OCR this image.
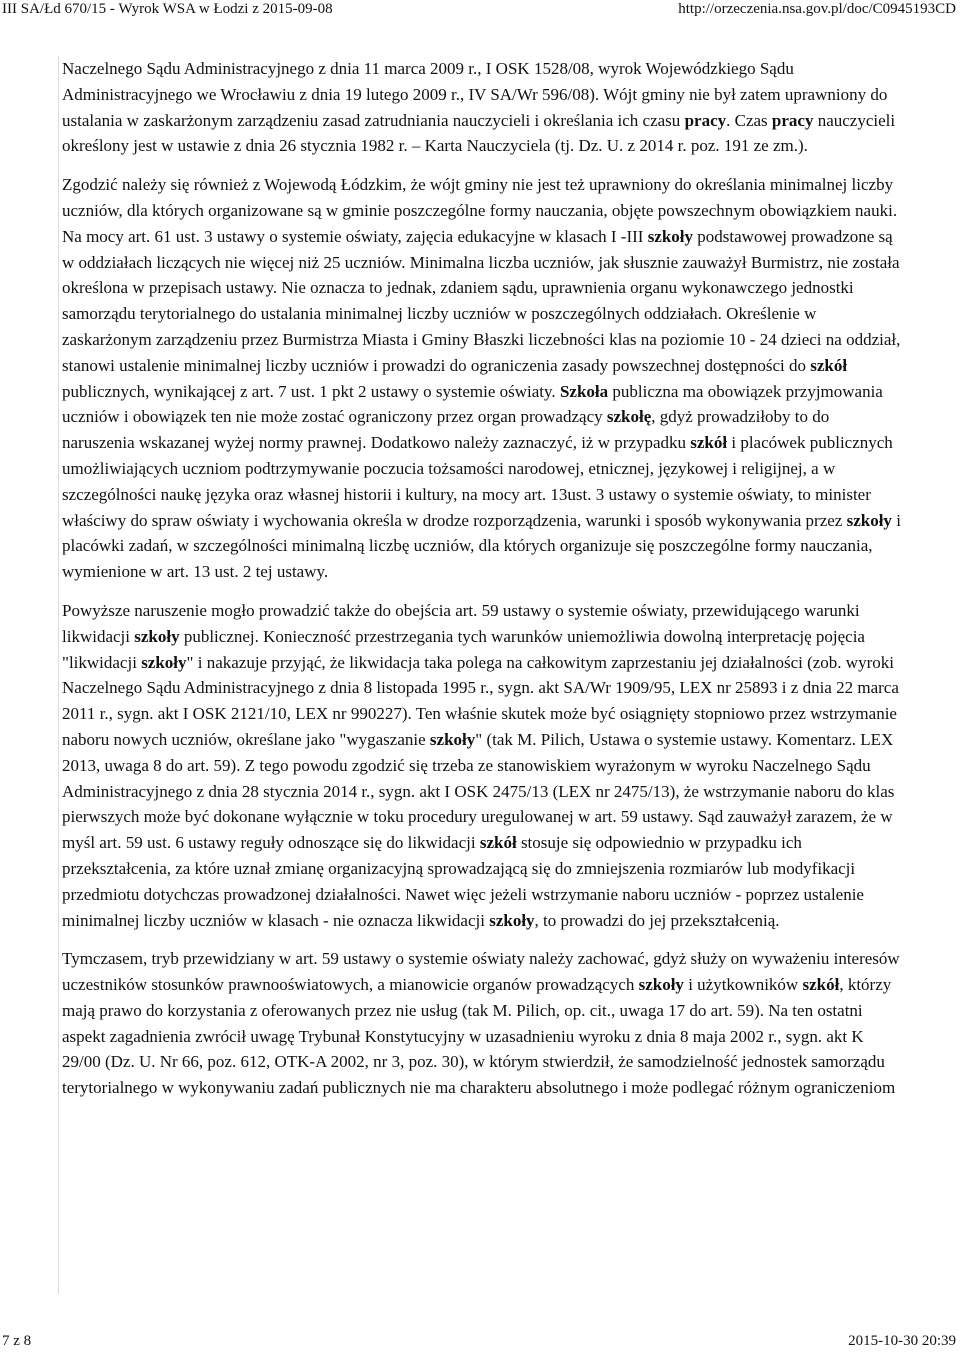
III SA/Łd 670/15 - Wyrok WSA w Łodzi z 2015-09-08	http://orzeczenia.nsa.gov.pl/doc/C0945193CD

Naczelnego Sądu Administracyjnego z dnia 11 marca 2009 r., I OSK 1528/08, wyrok Wojewódzkiego Sądu Administracyjnego we Wrocławiu z dnia 19 lutego 2009 r., IV SA/Wr 596/08). Wójt gminy nie był zatem uprawniony do ustalania w zaskarżonym zarządzeniu zasad zatrudniania nauczycieli i określania ich czasu pracy. Czas pracy nauczycieli określony jest w ustawie z dnia 26 stycznia 1982 r. – Karta Nauczyciela (tj. Dz. U. z 2014 r. poz. 191 ze zm.).

Zgodzić należy się również z Wojewodą Łódzkim, że wójt gminy nie jest też uprawniony do określania minimalnej liczby uczniów, dla których organizowane są w gminie poszczególne formy nauczania, objęte powszechnym obowiązkiem nauki. Na mocy art. 61 ust. 3 ustawy o systemie oświaty, zajęcia edukacyjne w klasach I -III szkoły podstawowej prowadzone są w oddziałach liczących nie więcej niż 25 uczniów. Minimalna liczba uczniów, jak słusznie zauważył Burmistrz, nie została określona w przepisach ustawy. Nie oznacza to jednak, zdaniem sądu, uprawnienia organu wykonawczego jednostki samorządu terytorialnego do ustalania minimalnej liczby uczniów w poszczególnych oddziałach. Określenie w zaskarżonym zarządzeniu przez Burmistrza Miasta i Gminy Błaszki liczebności klas na poziomie 10 - 24 dzieci na oddział, stanowi ustalenie minimalnej liczby uczniów i prowadzi do ograniczenia zasady powszechnej dostępności do szkół publicznych, wynikającej z art. 7 ust. 1 pkt 2 ustawy o systemie oświaty. Szkoła publiczna ma obowiązek przyjmowania uczniów i obowiązek ten nie może zostać ograniczony przez organ prowadzący szkołę, gdyż prowadziłoby to do naruszenia wskazanej wyżej normy prawnej. Dodatkowo należy zaznaczyć, iż w przypadku szkół i placówek publicznych umożliwiających uczniom podtrzymywanie poczucia tożsamości narodowej, etnicznej, językowej i religijnej, a w szczególności naukę języka oraz własnej historii i kultury, na mocy art. 13ust. 3 ustawy o systemie oświaty, to minister właściwy do spraw oświaty i wychowania określa w drodze rozporządzenia, warunki i sposób wykonywania przez szkoły i placówki zadań, w szczególności minimalną liczbę uczniów, dla których organizuje się poszczególne formy nauczania, wymienione w art. 13 ust. 2 tej ustawy.

Powyższe naruszenie mogło prowadzić także do obejścia art. 59 ustawy o systemie oświaty, przewidującego warunki likwidacji szkoły publicznej. Konieczność przestrzegania tych warunków uniemożliwia dowolną interpretację pojęcia "likwidacji szkoły" i nakazuje przyjąć, że likwidacja taka polega na całkowitym zaprzestaniu jej działalności (zob. wyroki Naczelnego Sądu Administracyjnego z dnia 8 listopada 1995 r., sygn. akt SA/Wr 1909/95, LEX nr 25893 i z dnia 22 marca 2011 r., sygn. akt I OSK 2121/10, LEX nr 990227). Ten właśnie skutek może być osiągnięty stopniowo przez wstrzymanie naboru nowych uczniów, określane jako "wygaszanie szkoły" (tak M. Pilich, Ustawa o systemie ustawy. Komentarz. LEX 2013, uwaga 8 do art. 59). Z tego powodu zgodzić się trzeba ze stanowiskiem wyrażonym w wyroku Naczelnego Sądu Administracyjnego z dnia 28 stycznia 2014 r., sygn. akt I OSK 2475/13 (LEX nr 2475/13), że wstrzymanie naboru do klas pierwszych może być dokonane wyłącznie w toku procedury uregulowanej w art. 59 ustawy. Sąd zauważył zarazem, że w myśl art. 59 ust. 6 ustawy reguły odnoszące się do likwidacji szkół stosuje się odpowiednio w przypadku ich przekształcenia, za które uznał zmianę organizacyjną sprowadzającą się do zmniejszenia rozmiarów lub modyfikacji przedmiotu dotychczas prowadzonej działalności. Nawet więc jeżeli wstrzymanie naboru uczniów - poprzez ustalenie minimalnej liczby uczniów w klasach - nie oznacza likwidacji szkoły, to prowadzi do jej przekształcenią.

Tymczasem, tryb przewidziany w art. 59 ustawy o systemie oświaty należy zachować, gdyż służy on wyważeniu interesów uczestników stosunków prawnooświatowych, a mianowicie organów prowadzących szkoły i użytkowników szkół, którzy mają prawo do korzystania z oferowanych przez nie usług (tak M. Pilich, op. cit., uwaga 17 do art. 59). Na ten ostatni aspekt zagadnienia zwrócił uwagę Trybunał Konstytucyjny w uzasadnieniu wyroku z dnia 8 maja 2002 r., sygn. akt K 29/00 (Dz. U. Nr 66, poz. 612, OTK-A 2002, nr 3, poz. 30), w którym stwierdził, że samodzielność jednostek samorządu terytorialnego w wykonywaniu zadań publicznych nie ma charakteru absolutnego i może podlegać różnym ograniczeniom

7 z 8	2015-10-30 20:39
